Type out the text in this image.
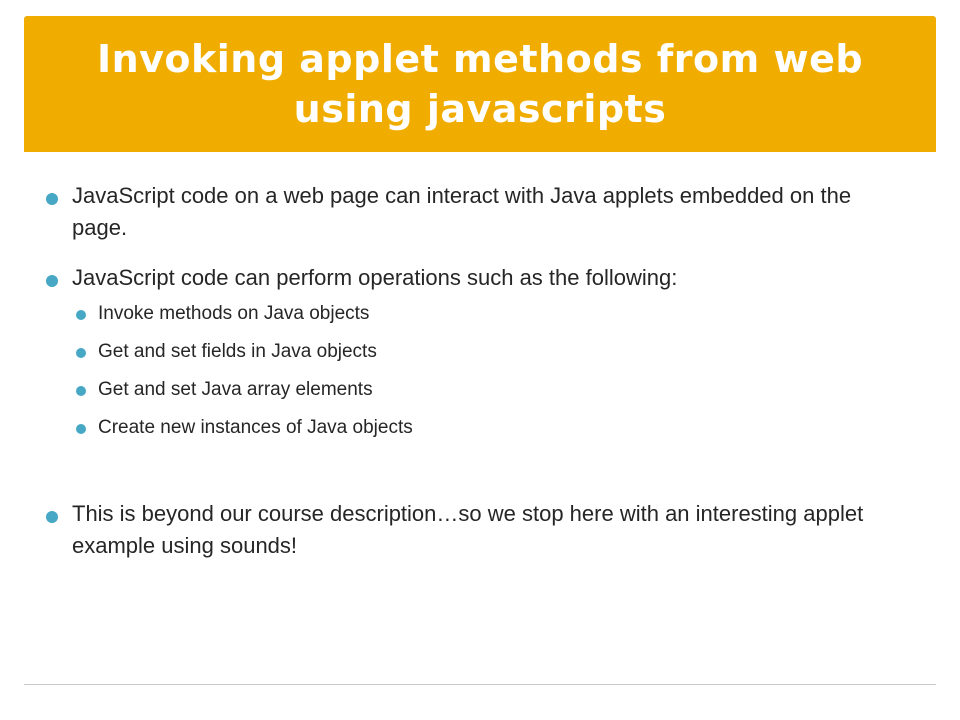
Invoking applet methods from web
using javascripts
JavaScript code on a web page can interact with Java applets embedded on the page.
JavaScript code can perform operations such as the following:
Invoke methods on Java objects
Get and set fields in Java objects
Get and set Java array elements
Create new instances of Java objects
This is beyond our course description…so we stop here with an interesting applet example using sounds!
